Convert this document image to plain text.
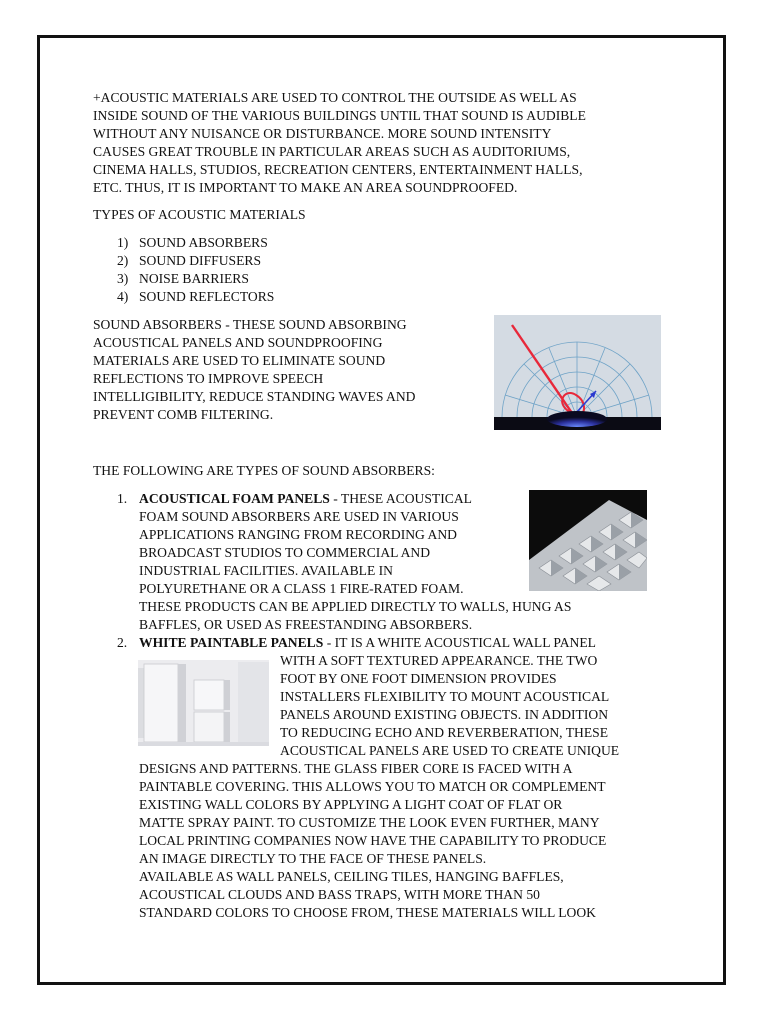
+ACOUSTIC MATERIALS ARE USED TO CONTROL THE OUTSIDE AS WELL AS
INSIDE SOUND OF THE VARIOUS BUILDINGS UNTIL THAT SOUND IS AUDIBLE
WITHOUT ANY NUISANCE OR DISTURBANCE. MORE SOUND INTENSITY
CAUSES GREAT TROUBLE IN PARTICULAR AREAS SUCH AS AUDITORIUMS,
CINEMA HALLS, STUDIOS, RECREATION CENTERS, ENTERTAINMENT HALLS,
ETC. THUS, IT IS IMPORTANT TO MAKE AN AREA SOUNDPROOFED.
TYPES OF ACOUSTIC MATERIALS
1) SOUND ABSORBERS
2) SOUND DIFFUSERS
3) NOISE BARRIERS
4) SOUND REFLECTORS
SOUND ABSORBERS - THESE SOUND ABSORBING
ACOUSTICAL PANELS AND SOUNDPROOFING
MATERIALS ARE USED TO ELIMINATE SOUND
REFLECTIONS TO IMPROVE SPEECH
INTELLIGIBILITY, REDUCE STANDING WAVES AND
PREVENT COMB FILTERING.
THE FOLLOWING ARE TYPES OF SOUND ABSORBERS:
1. ACOUSTICAL FOAM PANELS - THESE ACOUSTICAL
FOAM SOUND ABSORBERS ARE USED IN VARIOUS
APPLICATIONS RANGING FROM RECORDING AND
BROADCAST STUDIOS TO COMMERCIAL AND
INDUSTRIAL FACILITIES. AVAILABLE IN
POLYURETHANE OR A CLASS 1 FIRE-RATED FOAM.
THESE PRODUCTS CAN BE APPLIED DIRECTLY TO WALLS, HUNG AS
BAFFLES, OR USED AS FREESTANDING ABSORBERS.
2. WHITE PAINTABLE PANELS - IT IS A WHITE ACOUSTICAL WALL PANEL
WITH A SOFT TEXTURED APPEARANCE. THE TWO
FOOT BY ONE FOOT DIMENSION PROVIDES
INSTALLERS FLEXIBILITY TO MOUNT ACOUSTICAL
PANELS AROUND EXISTING OBJECTS. IN ADDITION
TO REDUCING ECHO AND REVERBERATION, THESE
ACOUSTICAL PANELS ARE USED TO CREATE UNIQUE
DESIGNS AND PATTERNS. THE GLASS FIBER CORE IS FACED WITH A
PAINTABLE COVERING. THIS ALLOWS YOU TO MATCH OR COMPLEMENT
EXISTING WALL COLORS BY APPLYING A LIGHT COAT OF FLAT OR
MATTE SPRAY PAINT. TO CUSTOMIZE THE LOOK EVEN FURTHER, MANY
LOCAL PRINTING COMPANIES NOW HAVE THE CAPABILITY TO PRODUCE
AN IMAGE DIRECTLY TO THE FACE OF THESE PANELS.
AVAILABLE AS WALL PANELS, CEILING TILES, HANGING BAFFLES,
ACOUSTICAL CLOUDS AND BASS TRAPS, WITH MORE THAN 50
STANDARD COLORS TO CHOOSE FROM, THESE MATERIALS WILL LOOK
